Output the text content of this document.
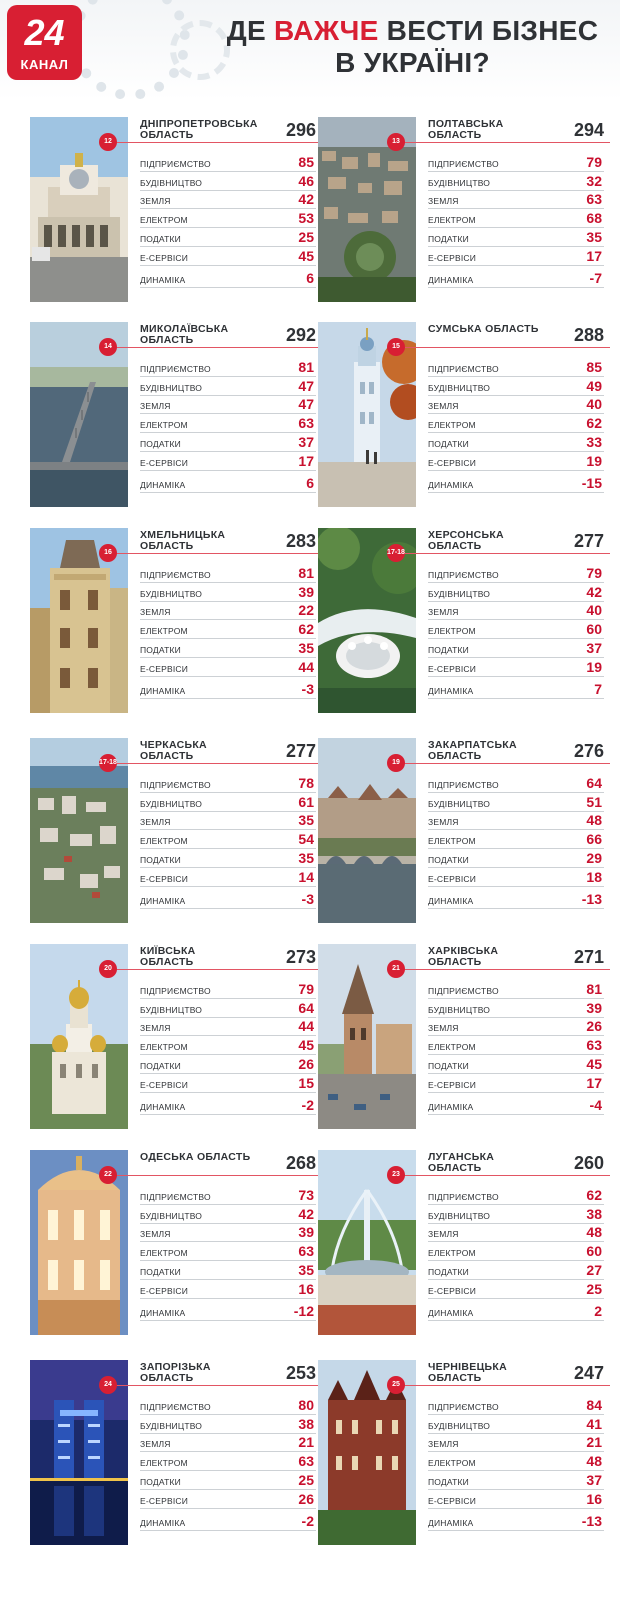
24
КАНАЛ
ДЕ ВАЖЧЕ ВЕСТИ БІЗНЕС
В УКРАЇНІ?
12
ДНІПРОПЕТРОВСЬКА ОБЛАСТЬ	296
ПІДПРИЄМСТВО	85
БУДІВНИЦТВО	46
ЗЕМЛЯ	42
ЕЛЕКТРОМ	53
ПОДАТКИ	25
Е-СЕРВІСИ	45
ДИНАМІКА	6
13
ПОЛТАВСЬКА ОБЛАСТЬ	294
ПІДПРИЄМСТВО	79
БУДІВНИЦТВО	32
ЗЕМЛЯ	63
ЕЛЕКТРОМ	68
ПОДАТКИ	35
Е-СЕРВІСИ	17
ДИНАМІКА	-7
14
МИКОЛАЇВСЬКА ОБЛАСТЬ	292
ПІДПРИЄМСТВО	81
БУДІВНИЦТВО	47
ЗЕМЛЯ	47
ЕЛЕКТРОМ	63
ПОДАТКИ	37
Е-СЕРВІСИ	17
ДИНАМІКА	6
15
СУМСЬКА ОБЛАСТЬ 288
ПІДПРИЄМСТВО	85
БУДІВНИЦТВО	49
ЗЕМЛЯ	40
ЕЛЕКТРОМ	62
ПОДАТКИ	33
Е-СЕРВІСИ	19
ДИНАМІКА	-15
16
ХМЕЛЬНИЦЬКА ОБЛАСТЬ	283
ПІДПРИЄМСТВО	81
БУДІВНИЦТВО	39
ЗЕМЛЯ	22
ЕЛЕКТРОМ	62
ПОДАТКИ	35
Е-СЕРВІСИ	44
ДИНАМІКА	-3
17-18
ХЕРСОНСЬКА ОБЛАСТЬ	277
ПІДПРИЄМСТВО	79
БУДІВНИЦТВО	42
ЗЕМЛЯ	40
ЕЛЕКТРОМ	60
ПОДАТКИ	37
Е-СЕРВІСИ	19
ДИНАМІКА	7
17-18
ЧЕРКАСЬКА ОБЛАСТЬ	277
ПІДПРИЄМСТВО	78
БУДІВНИЦТВО	61
ЗЕМЛЯ	35
ЕЛЕКТРОМ	54
ПОДАТКИ	35
Е-СЕРВІСИ	14
ДИНАМІКА	-3
19
ЗАКАРПАТСЬКА ОБЛАСТЬ	276
ПІДПРИЄМСТВО	64
БУДІВНИЦТВО	51
ЗЕМЛЯ	48
ЕЛЕКТРОМ	66
ПОДАТКИ	29
Е-СЕРВІСИ	18
ДИНАМІКА	-13
20
КИЇВСЬКА ОБЛАСТЬ	273
ПІДПРИЄМСТВО	79
БУДІВНИЦТВО	64
ЗЕМЛЯ	44
ЕЛЕКТРОМ	45
ПОДАТКИ	26
Е-СЕРВІСИ	15
ДИНАМІКА	-2
21
ХАРКІВСЬКА ОБЛАСТЬ	271
ПІДПРИЄМСТВО	81
БУДІВНИЦТВО	39
ЗЕМЛЯ	26
ЕЛЕКТРОМ	63
ПОДАТКИ	45
Е-СЕРВІСИ	17
ДИНАМІКА	-4
22
ОДЕСЬКА ОБЛАСТЬ 268
ПІДПРИЄМСТВО	73
БУДІВНИЦТВО	42
ЗЕМЛЯ	39
ЕЛЕКТРОМ	63
ПОДАТКИ	35
Е-СЕРВІСИ	16
ДИНАМІКА	-12
23
ЛУГАНСЬКА ОБЛАСТЬ	260
ПІДПРИЄМСТВО	62
БУДІВНИЦТВО	38
ЗЕМЛЯ	48
ЕЛЕКТРОМ	60
ПОДАТКИ	27
Е-СЕРВІСИ	25
ДИНАМІКА	2
24
ЗАПОРІЗЬКА ОБЛАСТЬ	253
ПІДПРИЄМСТВО	80
БУДІВНИЦТВО	38
ЗЕМЛЯ	21
ЕЛЕКТРОМ	63
ПОДАТКИ	25
Е-СЕРВІСИ	26
ДИНАМІКА	-2
25
ЧЕРНІВЕЦЬКА ОБЛАСТЬ	247
ПІДПРИЄМСТВО	84
БУДІВНИЦТВО	41
ЗЕМЛЯ	21
ЕЛЕКТРОМ	48
ПОДАТКИ	37
Е-СЕРВІСИ	16
ДИНАМІКА	-13
